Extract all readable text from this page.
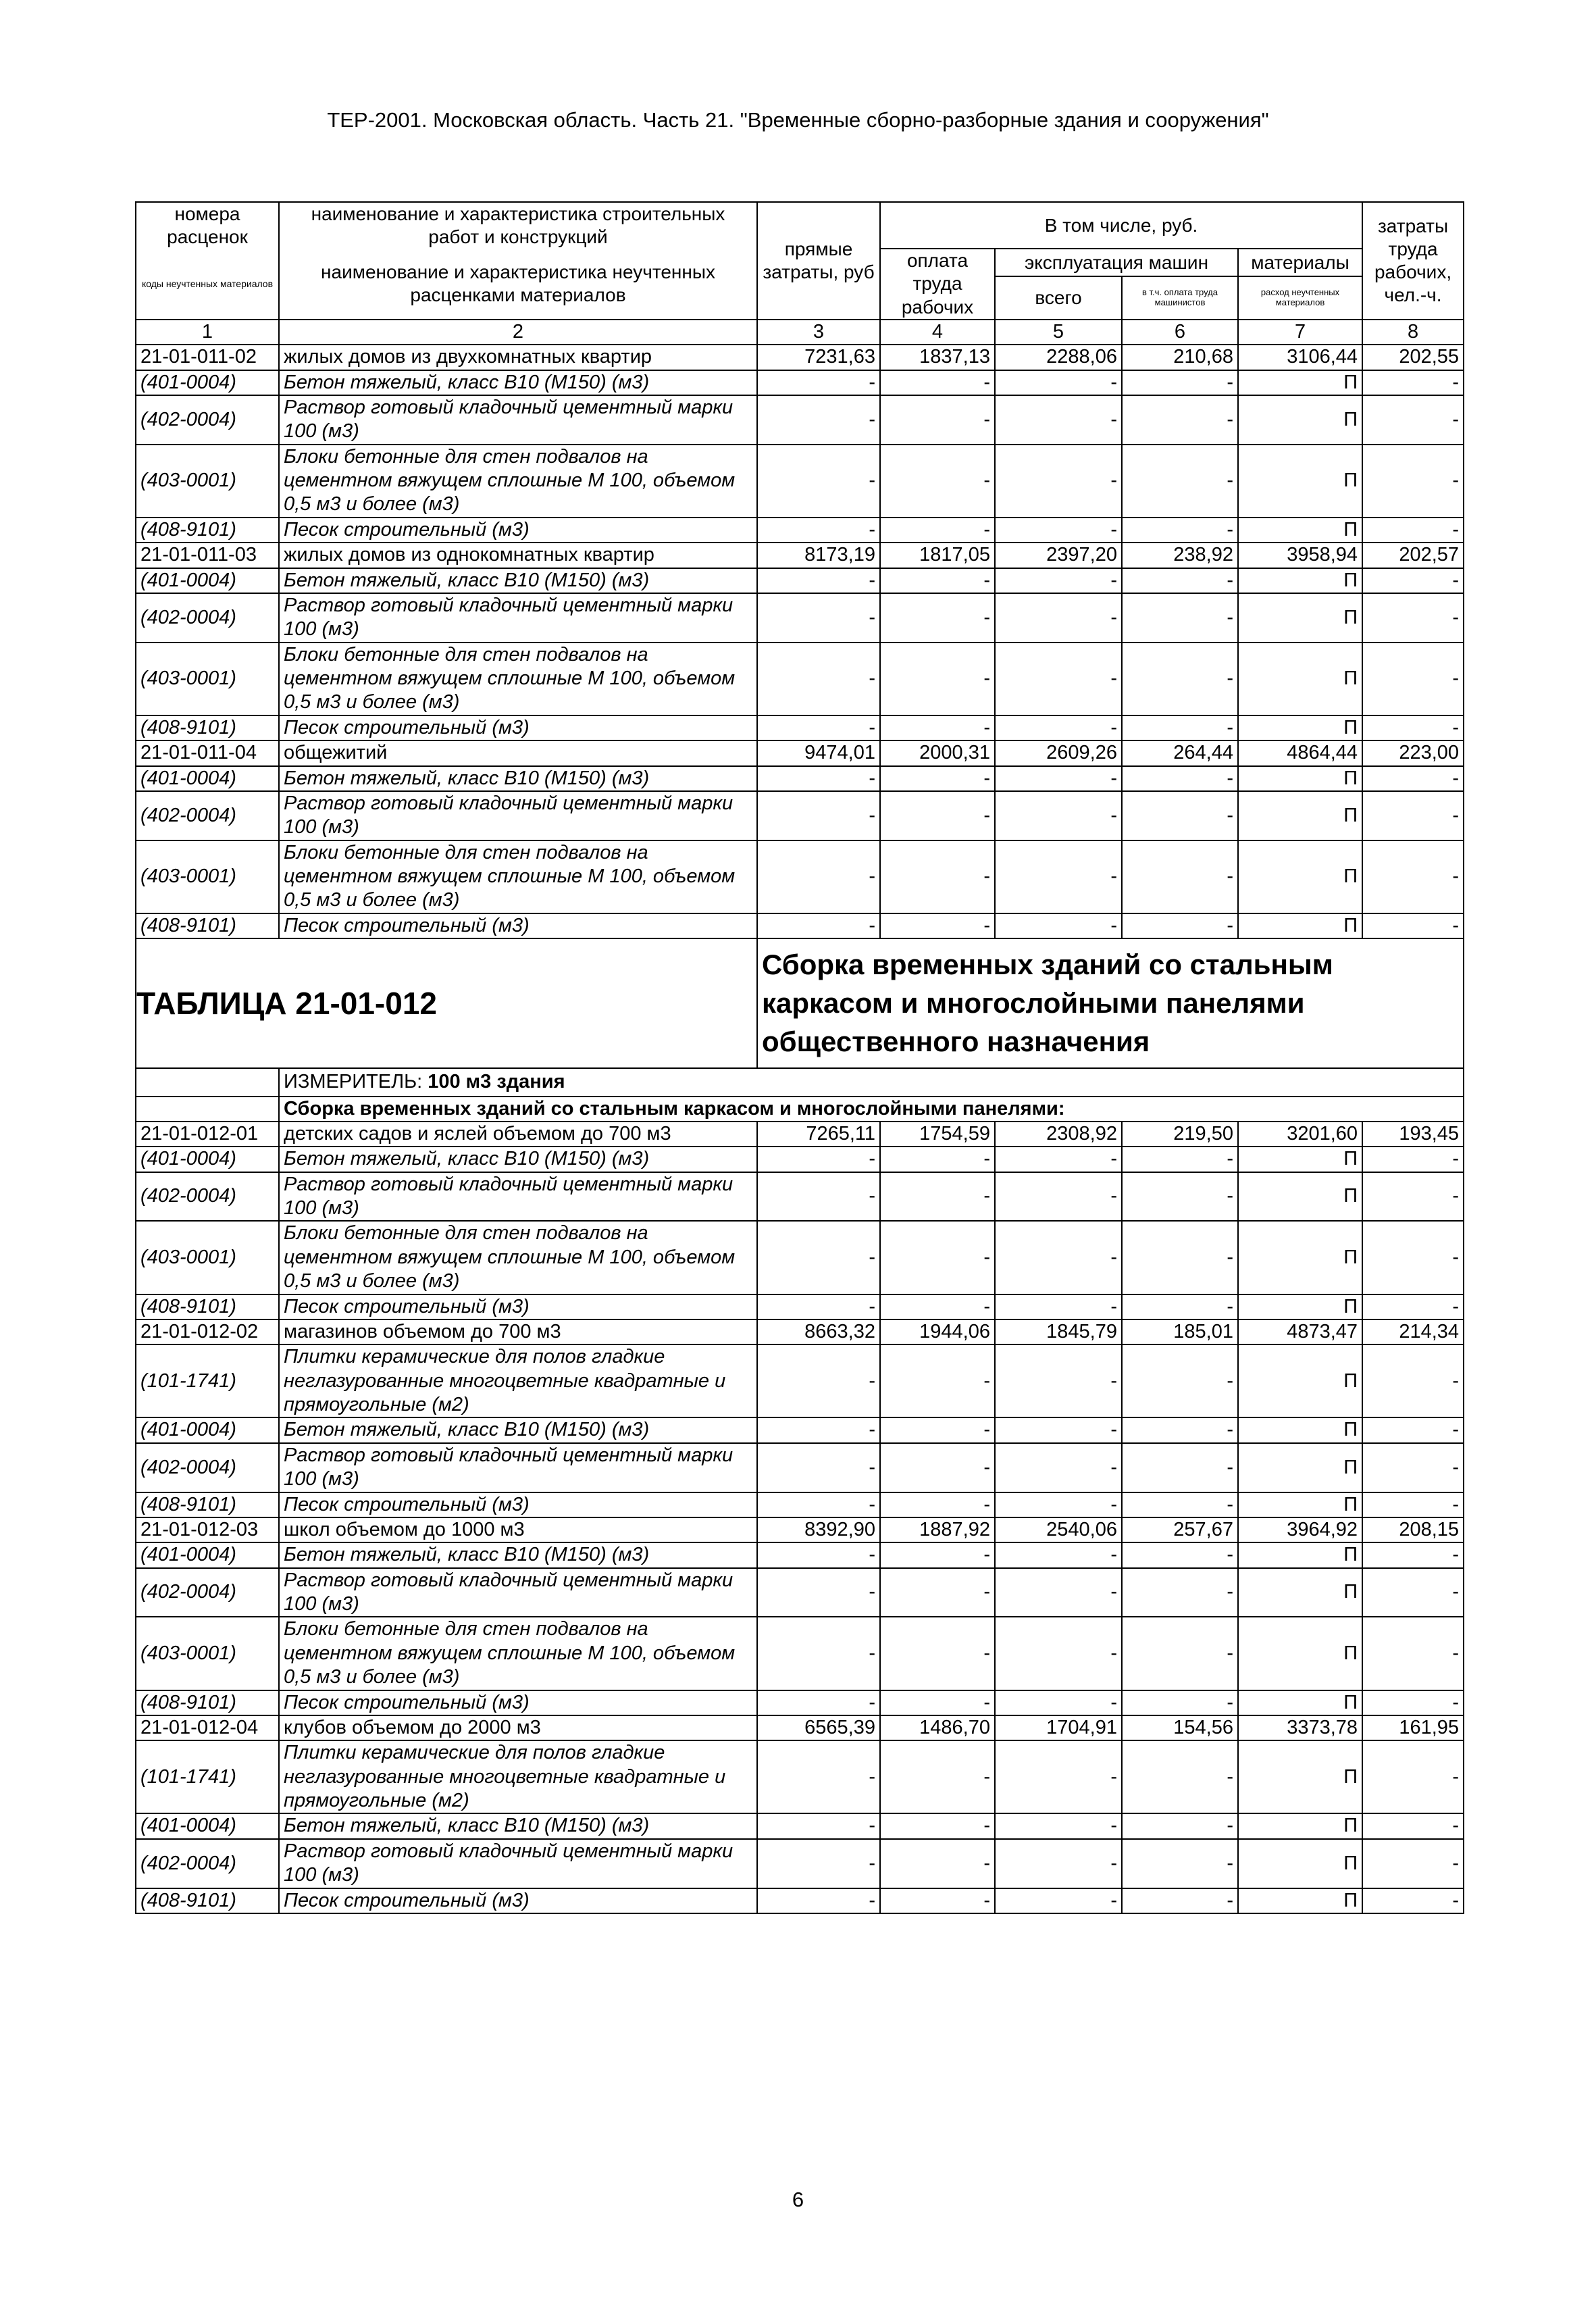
ТЕР-2001. Московская область. Часть 21. "Временные сборно-разборные здания и сооружения"
номера расценок	наименование и характеристика строительных работ и конструкций	прямые затраты, руб	В том числе, руб.				затраты труда рабочих, чел.-ч.
коды неучтенных материалов	наименование и характеристика неучтенных расценками материалов		оплата труда рабочих	эксплуатация машин		материалы	
				всего	в т.ч. оплата труда машинистов	расход неучтенных материалов	
1	2	3	4	5	6	7	8
21-01-011-02	жилых домов из двухкомнатных квартир	7231,63	1837,13	2288,06	210,68	3106,44	202,55
(401-0004)	Бетон тяжелый, класс В10 (М150) (м3)	-	-	-	-	П	-
(402-0004)	Раствор готовый кладочный цементный марки 100 (м3)	-	-	-	-	П	-
(403-0001)	Блоки бетонные для стен подвалов на цементном вяжущем сплошные М 100, объемом 0,5 м3 и более (м3)	-	-	-	-	П	-
(408-9101)	Песок строительный (м3)	-	-	-	-	П	-
21-01-011-03	жилых домов из однокомнатных квартир	8173,19	1817,05	2397,20	238,92	3958,94	202,57
(401-0004)	Бетон тяжелый, класс В10 (М150) (м3)	-	-	-	-	П	-
(402-0004)	Раствор готовый кладочный цементный марки 100 (м3)	-	-	-	-	П	-
(403-0001)	Блоки бетонные для стен подвалов на цементном вяжущем сплошные М 100, объемом 0,5 м3 и более (м3)	-	-	-	-	П	-
(408-9101)	Песок строительный (м3)	-	-	-	-	П	-
21-01-011-04	общежитий	9474,01	2000,31	2609,26	264,44	4864,44	223,00
(401-0004)	Бетон тяжелый, класс В10 (М150) (м3)	-	-	-	-	П	-
(402-0004)	Раствор готовый кладочный цементный марки 100 (м3)	-	-	-	-	П	-
(403-0001)	Блоки бетонные для стен подвалов на цементном вяжущем сплошные М 100, объемом 0,5 м3 и более (м3)	-	-	-	-	П	-
(408-9101)	Песок строительный (м3)	-	-	-	-	П	-

ТАБЛИЦА 21-01-012		Сборка временных зданий со стальным каркасом и многослойными панелями общественного назначения					
	ИЗМЕРИТЕЛЬ: 100 м3 здания						
	Сборка временных зданий со стальным каркасом и многослойными панелями:						
21-01-012-01	детских садов и яслей объемом до 700 м3	7265,11	1754,59	2308,92	219,50	3201,60	193,45
(401-0004)	Бетон тяжелый, класс В10 (М150) (м3)	-	-	-	-	П	-
(402-0004)	Раствор готовый кладочный цементный марки 100 (м3)	-	-	-	-	П	-
(403-0001)	Блоки бетонные для стен подвалов на цементном вяжущем сплошные М 100, объемом 0,5 м3 и более (м3)	-	-	-	-	П	-
(408-9101)	Песок строительный (м3)	-	-	-	-	П	-
21-01-012-02	магазинов объемом до 700 м3	8663,32	1944,06	1845,79	185,01	4873,47	214,34
(101-1741)	Плитки керамические для полов гладкие неглазурованные многоцветные квадратные и прямоугольные (м2)	-	-	-	-	П	-
(401-0004)	Бетон тяжелый, класс В10 (М150) (м3)	-	-	-	-	П	-
(402-0004)	Раствор готовый кладочный цементный марки 100 (м3)	-	-	-	-	П	-
(408-9101)	Песок строительный (м3)	-	-	-	-	П	-
21-01-012-03	школ объемом до 1000 м3	8392,90	1887,92	2540,06	257,67	3964,92	208,15
(401-0004)	Бетон тяжелый, класс В10 (М150) (м3)	-	-	-	-	П	-
(402-0004)	Раствор готовый кладочный цементный марки 100 (м3)	-	-	-	-	П	-
(403-0001)	Блоки бетонные для стен подвалов на цементном вяжущем сплошные М 100, объемом 0,5 м3 и более (м3)	-	-	-	-	П	-
(408-9101)	Песок строительный (м3)	-	-	-	-	П	-
21-01-012-04	клубов объемом до 2000 м3	6565,39	1486,70	1704,91	154,56	3373,78	161,95
(101-1741)	Плитки керамические для полов гладкие неглазурованные многоцветные квадратные и прямоугольные (м2)	-	-	-	-	П	-
(401-0004)	Бетон тяжелый, класс В10 (М150) (м3)	-	-	-	-	П	-
(402-0004)	Раствор готовый кладочный цементный марки 100 (м3)	-	-	-	-	П	-
(408-9101)	Песок строительный (м3)	-	-	-	-	П	-
6
